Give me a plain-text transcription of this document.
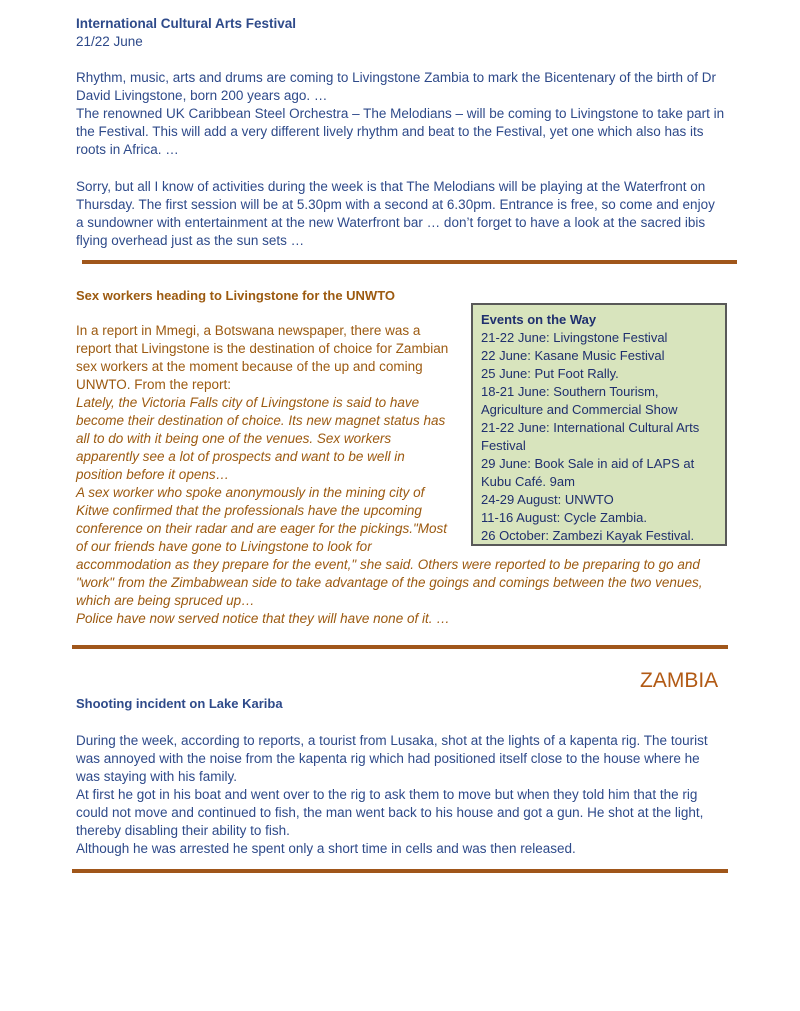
International Cultural Arts Festival
21/22 June
Rhythm, music, arts and drums are coming to Livingstone Zambia to mark the Bicentenary of the birth of Dr
David Livingstone, born 200 years ago. …
The renowned UK Caribbean Steel Orchestra – The Melodians – will be coming to Livingstone to take part in
the Festival. This will add a very different lively rhythm and beat to the Festival, yet one which also has its
roots in Africa. …
Sorry, but all I know of activities during the week is that The Melodians will be playing at the Waterfront on
Thursday. The first session will be at 5.30pm with a second at 6.30pm. Entrance is free, so come and enjoy
a sundowner with entertainment at the new Waterfront bar … don’t forget to have a look at the sacred ibis
flying overhead just as the sun sets …
Sex workers heading to Livingstone for the UNWTO
In a report in Mmegi, a Botswana newspaper, there was a
report that Livingstone is the destination of choice for Zambian
sex workers at the moment because of the up and coming
UNWTO. From the report:
Lately, the Victoria Falls city of Livingstone is said to have
become their destination of choice. Its new magnet status has
all to do with it being one of the venues. Sex workers
apparently see a lot of prospects and want to be well in
position before it opens…
A sex worker who spoke anonymously in the mining city of
Kitwe confirmed that the professionals have the upcoming
conference on their radar and are eager for the pickings."Most
of our friends have gone to Livingstone to look for
accommodation as they prepare for the event," she said. Others were reported to be preparing to go and
"work" from the Zimbabwean side to take advantage of the goings and comings between the two venues,
which are being spruced up…
Police have now served notice that they will have none of it. …
Events on the Way
21-22 June: Livingstone Festival
22 June: Kasane Music Festival
25 June: Put Foot Rally.
18-21 June: Southern Tourism,
Agriculture and Commercial Show
21-22 June: International Cultural Arts
Festival
29 June: Book Sale in aid of LAPS at
Kubu Café. 9am
24-29 August: UNWTO
11-16 August: Cycle Zambia.
26 October: Zambezi Kayak Festival.
ZAMBIA
Shooting incident on Lake Kariba
During the week, according to reports, a tourist from Lusaka, shot at the lights of a kapenta rig. The tourist
was annoyed with the noise from the kapenta rig which had positioned itself close to the house where he
was staying with his family.
At first he got in his boat and went over to the rig to ask them to move but when they told him that the rig
could not move and continued to fish, the man went back to his house and got a gun. He shot at the light,
thereby disabling their ability to fish.
Although he was arrested he spent only a short time in cells and was then released.
